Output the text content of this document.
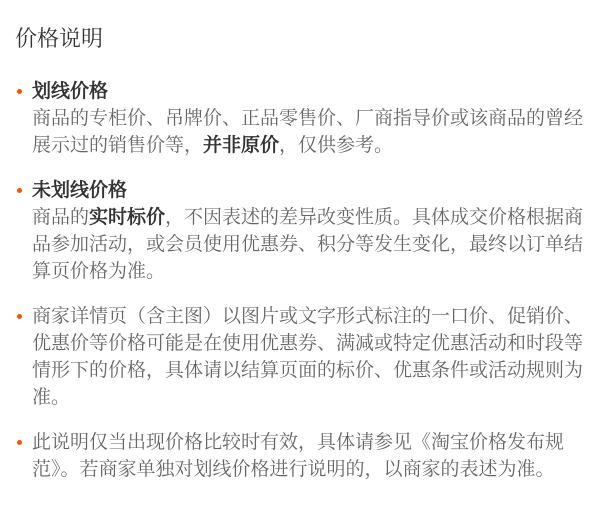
价格说明
划线价格

商品的专柜价、吊牌价、正品零售价、厂商指导价或该商品的曾经展示过的销售价等，并非原价，仅供参考。

未划线价格

商品的实时标价，不因表述的差异改变性质。具体成交价格根据商品参加活动，或会员使用优惠券、积分等发生变化，最终以订单结算页价格为准。

商家详情页（含主图）以图片或文字形式标注的一口价、促销价、优惠价等价格可能是在使用优惠券、满减或特定优惠活动和时段等情形下的价格，具体请以结算页面的标价、优惠条件或活动规则为准。

此说明仅当出现价格比较时有效，具体请参见《淘宝价格发布规范》。若商家单独对划线价格进行说明的，以商家的表述为准。
